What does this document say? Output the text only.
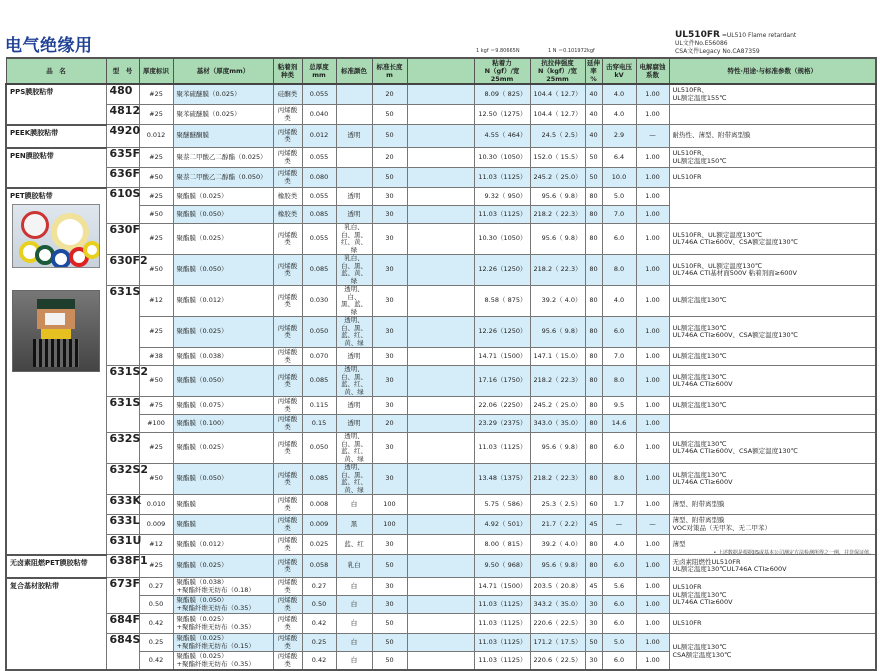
电气绝缘用
UL510FR =UL510 Flame retardant
UL文件No.E56086
CSA文件Legacy No.CA87359
1 kgf ＝9.80665N	1 N ＝0.101972kgf
品　名	型　号	厚度标识	基材（厚度mm）	粘着剂
种类	总厚度
mm	标准颜色	标准长度
m		粘着力
N（gf）/宽25mm	抗拉伸强度
N（kgf）/宽25mm	延伸率
%	击穿电压
kV	电解腐蚀
系数	特性·用途·与标准参数（规格）
PPS膜胶粘带	480	#25	聚苯硫醚膜（0.025）	硅酮类	0.055		20		8.09（ 825）	104.4（ 12.7）	40	4.0	1.00	UL510FR、
UL额定温度155℃
	4812	#25	聚苯硫醚膜（0.025）	丙烯酸类	0.040		50		12.50（1275）	104.4（ 12.7）	40	4.0	1.00	
PEEK膜胶粘带	4920	0.012	聚醚醚酮膜	丙烯酸类	0.012	透明	50		4.55（ 464）	24.5（ 2.5）	40	2.9	—	耐热性、薄型、附带离型膜
PEN膜胶粘带	635F	#25	聚萘二甲酸乙二醇酯（0.025）	丙烯酸类	0.055		20		10.30（1050）	152.0（ 15.5）	50	6.4	1.00	UL510FR、
UL额定温度150℃
	636F	#50	聚萘二甲酸乙二醇酯（0.050）	丙烯酸类	0.080		50		11.03（1125）	245.2（ 25.0）	50	10.0	1.00	UL510FR
PET膜胶粘带	610S	#25	聚酯膜（0.025）	橡胶类	0.055	透明	30		9.32（ 950）	95.6（ 9.8）	80	5.0	1.00	
		#50	聚酯膜（0.050）	橡胶类	0.085	透明	30		11.03（1125）	218.2（ 22.3）	80	7.0	1.00	
	630F	#25	聚酯膜（0.025）	丙烯酸类	0.055	乳白、白、黑、
红、黄、绿	30		10.30（1050）	95.6（ 9.8）	80	6.0	1.00	UL510FR、UL额定温度130℃
UL746A CTI≥600V、CSA额定温度130℃
	630F2	#50	聚酯膜（0.050）	丙烯酸类	0.085	乳白、白、黑、
蓝、黄、绿	30		12.26（1250）	218.2（ 22.3）	80	8.0	1.00	UL510FR、UL额定温度130℃
UL746A CTI基材面500V 粘着剂面≥600V
	631S	#12	聚酯膜（0.012）	丙烯酸类	0.030	透明、白、
黑、蓝、绿	30		8.58（ 875）	39.2（ 4.0）	80	4.0	1.00	UL额定温度130℃
		#25	聚酯膜（0.025）	丙烯酸类	0.050	透明、白、黑、
蓝、红、黄、绿	30		12.26（1250）	95.6（ 9.8）	80	6.0	1.00	UL额定温度130℃
UL746A CTI≥600V、CSA额定温度130℃
		#38	聚酯膜（0.038）	丙烯酸类	0.070	透明	30		14.71（1500）	147.1（ 15.0）	80	7.0	1.00	UL额定温度130℃
	631S2	#50	聚酯膜（0.050）	丙烯酸类	0.085	透明、白、黑、
蓝、红、黄、绿	30		17.16（1750）	218.2（ 22.3）	80	8.0	1.00	UL额定温度130℃
UL746A CTI≥600V
	631S	#75	聚酯膜（0.075）	丙烯酸类	0.115	透明	30		22.06（2250）	245.2（ 25.0）	80	9.5	1.00	UL额定温度130℃
		#100	聚酯膜（0.100）	丙烯酸类	0.15	透明	20		23.29（2375）	343.0（ 35.0）	80	14.6	1.00	
	632S	#25	聚酯膜（0.025）	丙烯酸类	0.050	透明、白、黑、
蓝、红、黄、绿	30		11.03（1125）	95.6（ 9.8）	80	6.0	1.00	UL额定温度130℃
UL746A CTI≥600V、CSA额定温度130℃
	632S2	#50	聚酯膜（0.050）	丙烯酸类	0.085	透明、白、黑、
蓝、红、黄、绿	30		13.48（1375）	218.2（ 22.3）	80	8.0	1.00	UL额定温度130℃
UL746A CTI≥600V
	633K	0.010	聚酯膜	丙烯酸类	0.008	白	100		5.75（ 586）	25.3（ 2.5）	60	1.7	1.00	薄型、附带离型膜
	633L	0.009	聚酯膜	丙烯酸类	0.009	黑	100		4.92（ 501）	21.7（ 2.2）	45	—	—	薄型、附带离型膜
VOC对策品（无甲苯、无二甲苯）
	631U	#12	聚酯膜（0.012）	丙烯酸类	0.025	蓝、红	30		8.00（ 815）	39.2（ 4.0）	80	4.0	1.00	薄型
无卤素阻燃PET膜胶粘带	638F1	#25	聚酯膜（0.025）	丙烯酸类	0.058	乳白	50		9.50（ 968）	95.6（ 9.8）	80	6.0	1.00	无卤素阻燃性UL510FR
UL额定温度130℃UL746A CTI≥600V
复合基材胶粘带	673F	0.27	聚酯膜（0.038）
+聚酯纤维无纺布（0.18）	丙烯酸类	0.27	白	30		14.71（1500）	203.5（ 20.8）	45	5.6	1.00	UL510FR
UL额定温度130℃
UL746A CTI≥600V
		0.50	聚酯膜（0.050）
+聚酯纤维无纺布（0.35）	丙烯酸类	0.50	白	30		11.03（1125）	343.2（ 35.0）	30	6.0	1.00	
	684F	0.42	聚酯膜（0.025）
+聚酯纤维无纺布（0.35）	丙烯酸类	0.42	白	50		11.03（1125）	220.6（ 22.5）	30	6.0	1.00	UL510FR
	684S	0.25	聚酯膜（0.025）
+聚酯纤维无纺布（0.15）	丙烯酸类	0.25	白	50		11.03（1125）	171.2（ 17.5）	50	5.0	1.00	UL额定温度130℃
CSA额定温度130℃
		0.42	聚酯膜（0.025）
+聚酯纤维无纺布（0.35）	丙烯酸类	0.42	白	50		11.03（1125）	220.6（ 22.5）	30	6.0	1.00	
• 上述数据是根据JIS或基本公司测定方法检测所得之一例，并非保证值。
